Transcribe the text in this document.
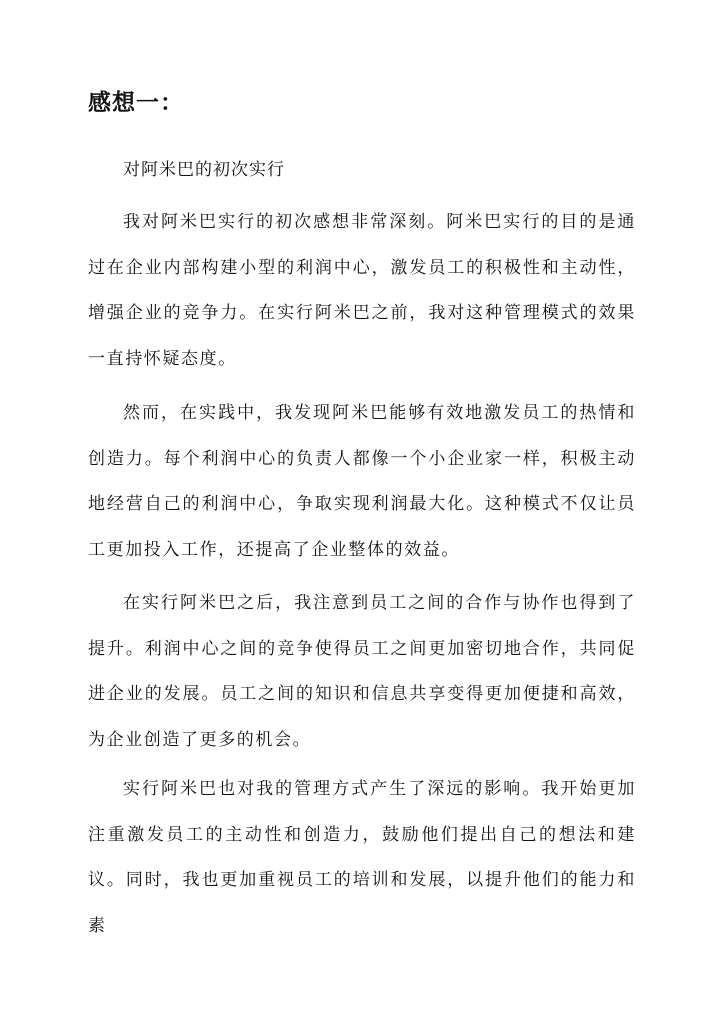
感想一：

对阿米巴的初次实行

我对阿米巴实行的初次感想非常深刻。阿米巴实行的目的是通过在企业内部构建小型的利润中心，激发员工的积极性和主动性，增强企业的竞争力。在实行阿米巴之前，我对这种管理模式的效果一直持怀疑态度。

然而，在实践中，我发现阿米巴能够有效地激发员工的热情和创造力。每个利润中心的负责人都像一个小企业家一样，积极主动地经营自己的利润中心，争取实现利润最大化。这种模式不仅让员工更加投入工作，还提高了企业整体的效益。

在实行阿米巴之后，我注意到员工之间的合作与协作也得到了提升。利润中心之间的竞争使得员工之间更加密切地合作，共同促进企业的发展。员工之间的知识和信息共享变得更加便捷和高效，为企业创造了更多的机会。

实行阿米巴也对我的管理方式产生了深远的影响。我开始更加注重激发员工的主动性和创造力，鼓励他们提出自己的想法和建议。同时，我也更加重视员工的培训和发展，以提升他们的能力和素
